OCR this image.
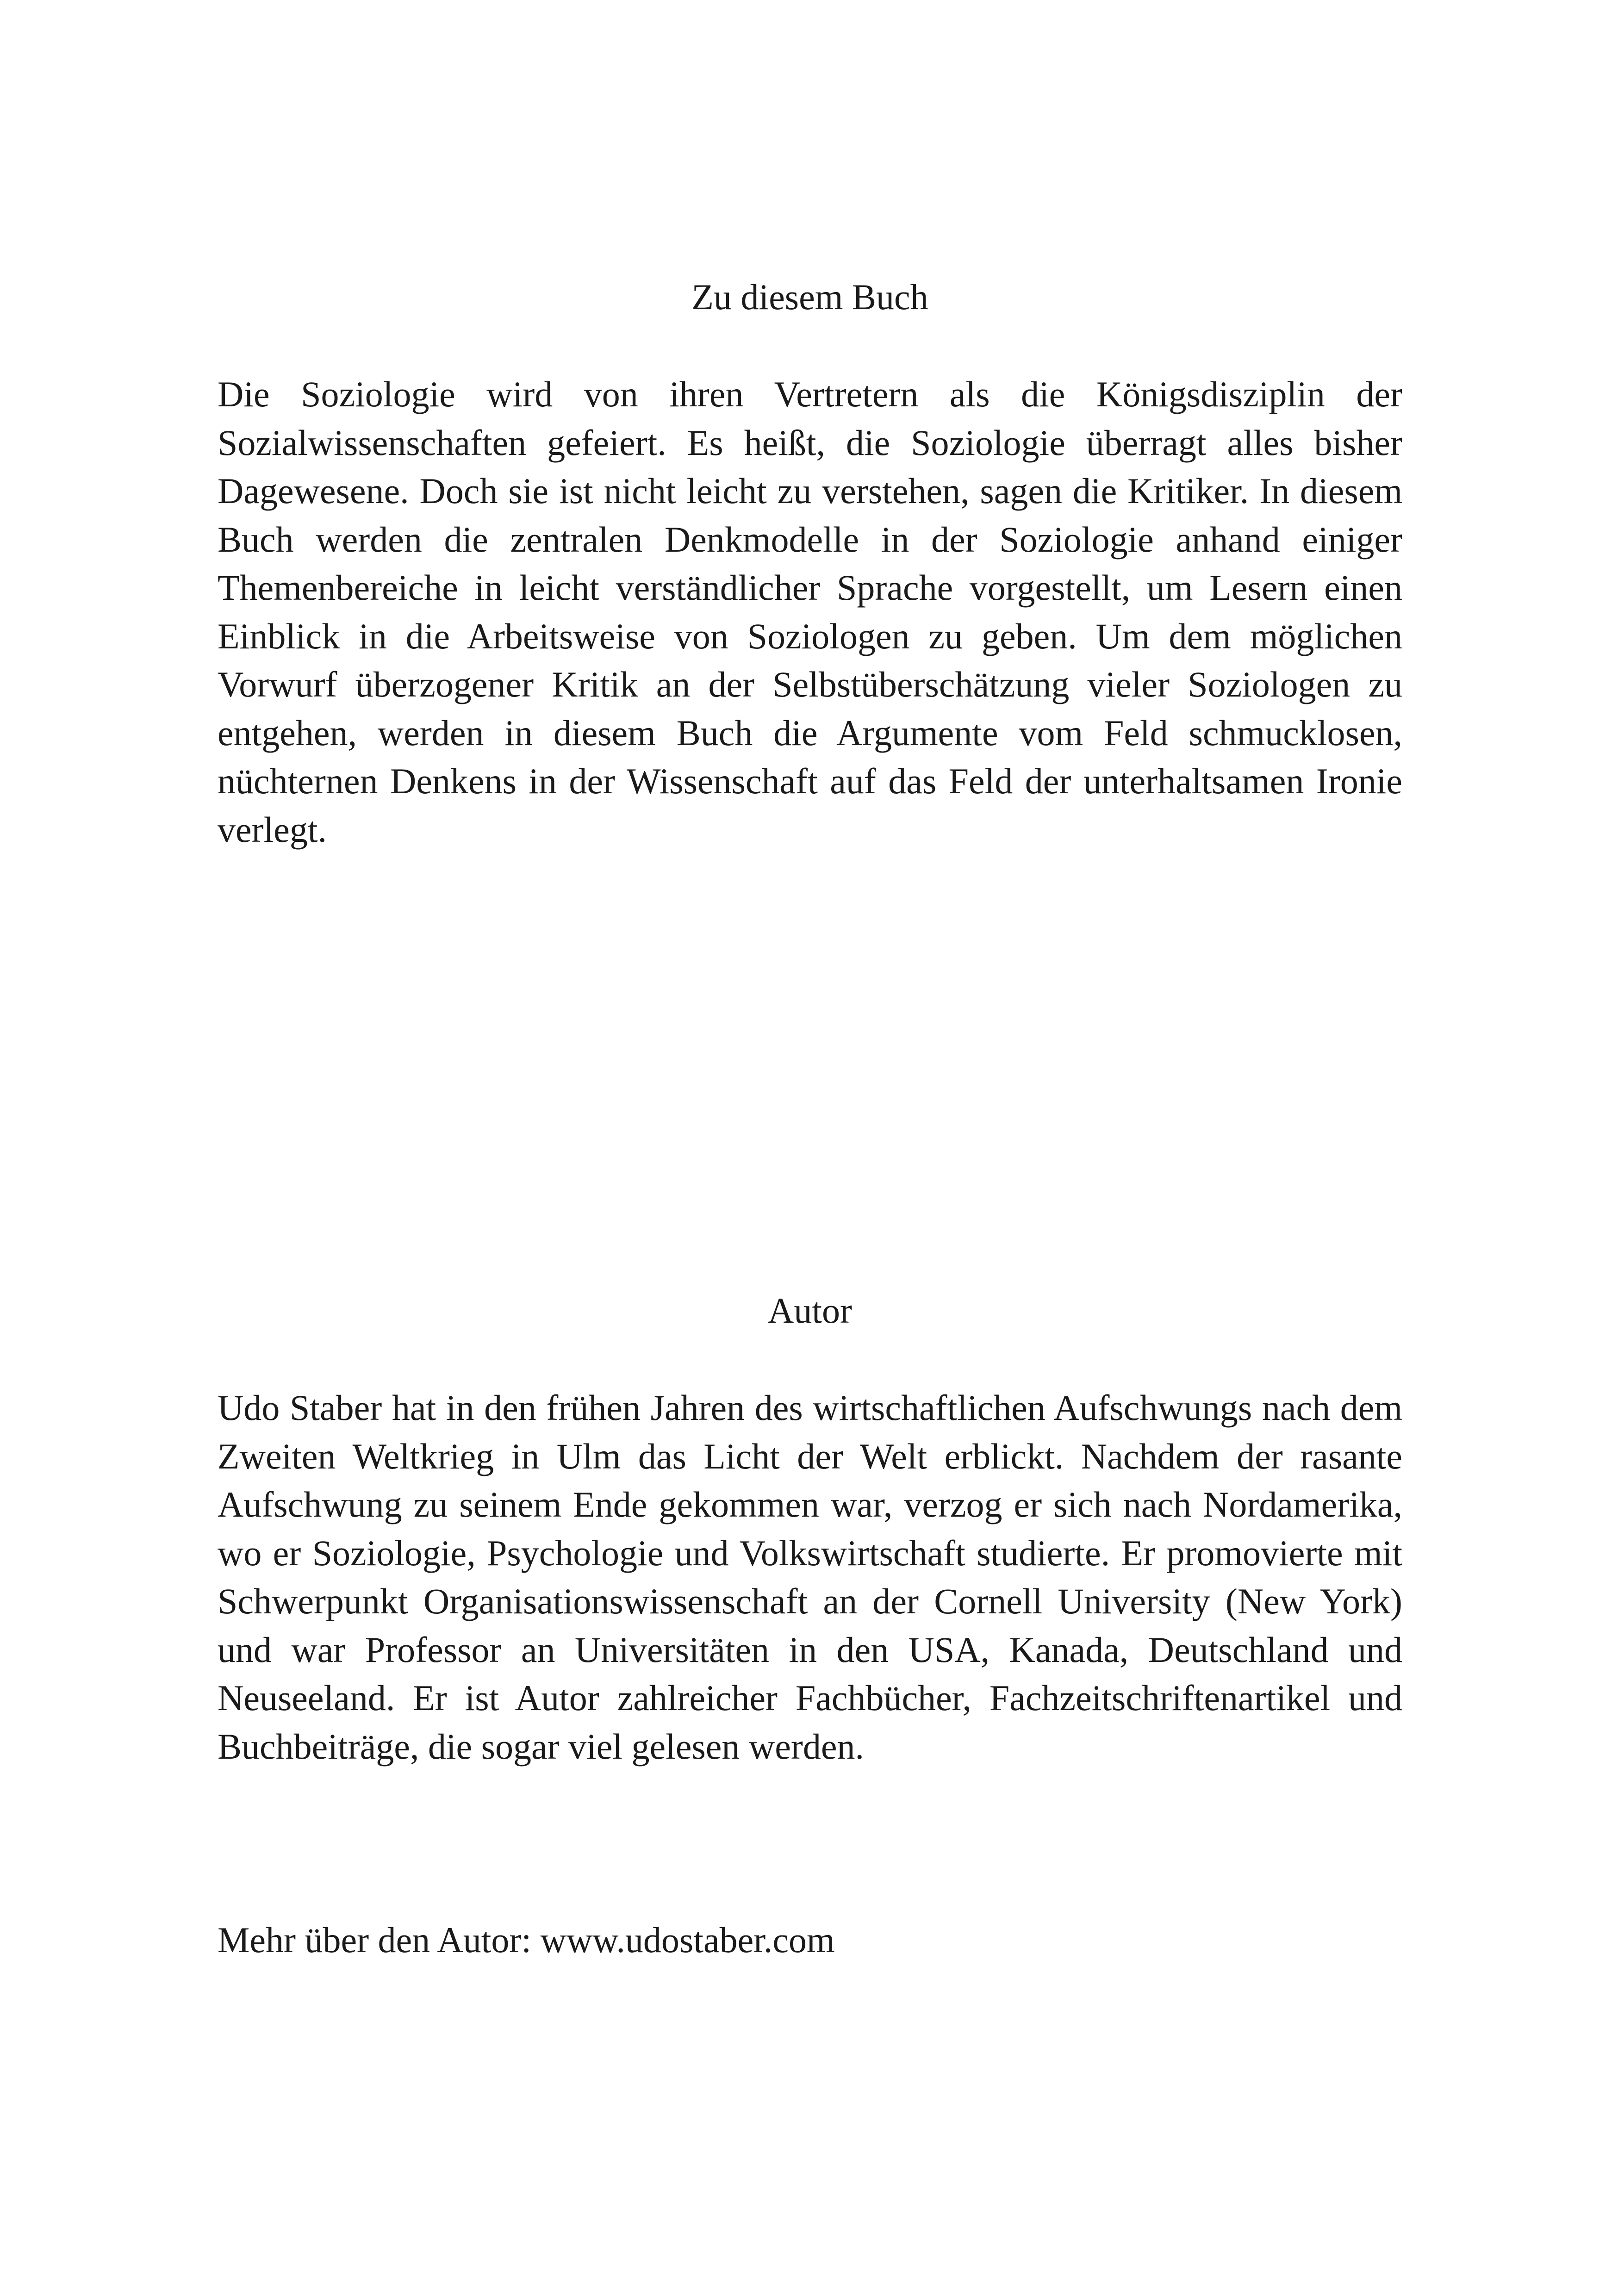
Zu diesem Buch

Die Soziologie wird von ihren Vertretern als die Königsdisziplin der Sozialwissenschaften gefeiert. Es heißt, die Soziologie überragt alles bisher Dagewesene. Doch sie ist nicht leicht zu verstehen, sagen die Kritiker. In diesem Buch werden die zentralen Denkmodelle in der Soziologie anhand einiger Themenbereiche in leicht verständlicher Sprache vorgestellt, um Lesern einen Einblick in die Arbeitsweise von Soziologen zu geben. Um dem möglichen Vorwurf überzogener Kritik an der Selbstüberschätzung vieler Soziologen zu entgehen, werden in diesem Buch die Argumente vom Feld schmucklosen, nüchternen Denkens in der Wissenschaft auf das Feld der unterhaltsamen Ironie verlegt.

Autor

Udo Staber hat in den frühen Jahren des wirtschaftlichen Aufschwungs nach dem Zweiten Weltkrieg in Ulm das Licht der Welt erblickt. Nachdem der rasante Aufschwung zu seinem Ende gekommen war, verzog er sich nach Nordamerika, wo er Soziologie, Psychologie und Volkswirtschaft studierte. Er promovierte mit Schwerpunkt Organisationswissenschaft an der Cornell University (New York) und war Professor an Universitäten in den USA, Kanada, Deutschland und Neuseeland. Er ist Autor zahlreicher Fachbücher, Fachzeitschriftenartikel und Buchbeiträge, die sogar viel gelesen werden.

Mehr über den Autor: www.udostaber.com
